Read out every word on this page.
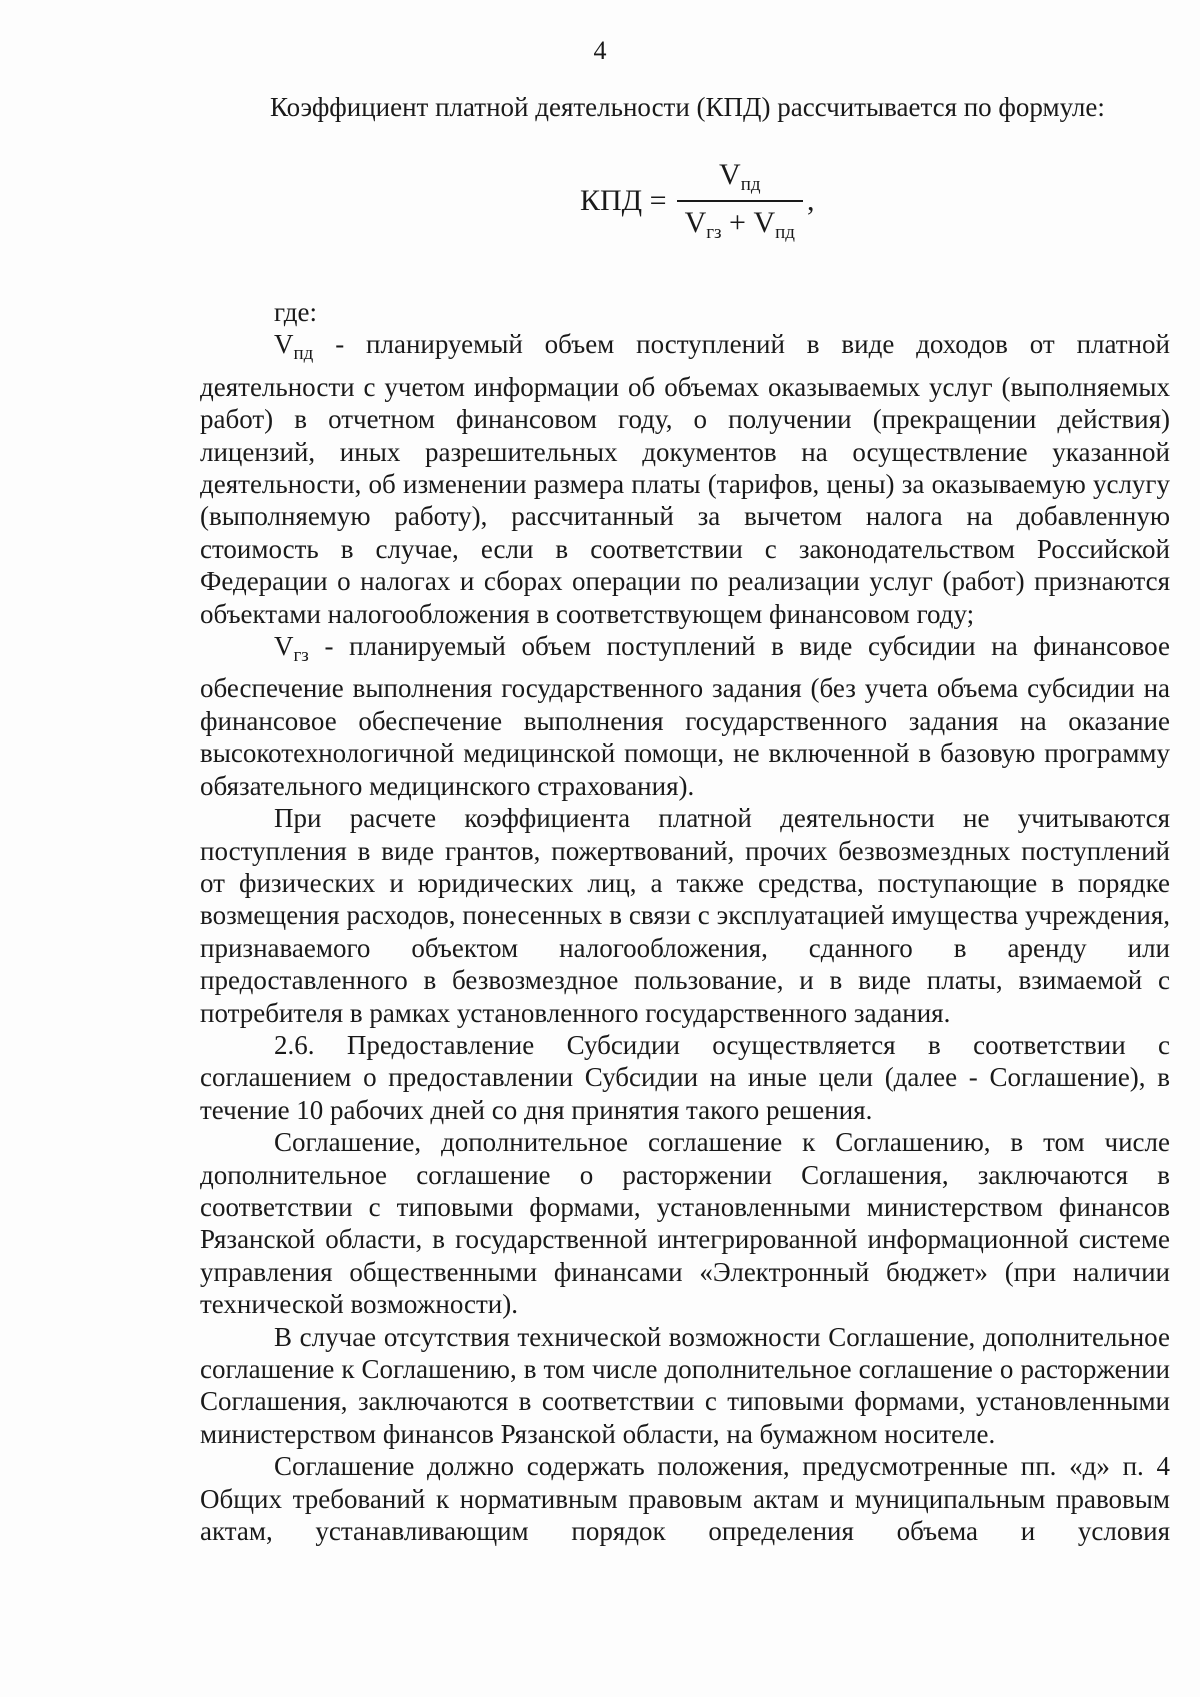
4
Коэффициент платной деятельности (КПД) рассчитывается по формуле:
КПД = $\frac{V_{пд}}{V_{гз} + V_{пд}}$ ,

где:

$V_{пд}$ - планируемый объем поступлений в виде доходов от платной деятельности с учетом информации об объемах оказываемых услуг (выполняемых работ) в отчетном финансовом году, о получении (прекращении действия) лицензий, иных разрешительных документов на осуществление указанной деятельности, об изменении размера платы (тарифов, цены) за оказываемую услугу (выполняемую работу), рассчитанный за вычетом налога на добавленную стоимость в случае, если в соответствии с законодательством Российской Федерации о налогах и сборах операции по реализации услуг (работ) признаются объектами налогообложения в соответствующем финансовом году;

$V_{гз}$ - планируемый объем поступлений в виде субсидии на финансовое обеспечение выполнения государственного задания (без учета объема субсидии на финансовое обеспечение выполнения государственного задания на оказание высокотехнологичной медицинской помощи, не включенной в базовую программу обязательного медицинского страхования).

При расчете коэффициента платной деятельности не учитываются поступления в виде грантов, пожертвований, прочих безвозмездных поступлений от физических и юридических лиц, а также средства, поступающие в порядке возмещения расходов, понесенных в связи с эксплуатацией имущества учреждения, признаваемого объектом налогообложения, сданного в аренду или предоставленного в безвозмездное пользование, и в виде платы, взимаемой с потребителя в рамках установленного государственного задания.

2.6. Предоставление Субсидии осуществляется в соответствии с соглашением о предоставлении Субсидии на иные цели (далее - Соглашение), в течение 10 рабочих дней со дня принятия такого решения.

Соглашение, дополнительное соглашение к Соглашению, в том числе дополнительное соглашение о расторжении Соглашения, заключаются в соответствии с типовыми формами, установленными министерством финансов Рязанской области, в государственной интегрированной информационной системе управления общественными финансами «Электронный бюджет» (при наличии технической возможности).

В случае отсутствия технической возможности Соглашение, дополнительное соглашение к Соглашению, в том числе дополнительное соглашение о расторжении Соглашения, заключаются в соответствии с типовыми формами, установленными министерством финансов Рязанской области, на бумажном носителе.

Соглашение должно содержать положения, предусмотренные пп. «д» п. 4 Общих требований к нормативным правовым актам и муниципальным правовым актам, устанавливающим порядок определения объема и условия
